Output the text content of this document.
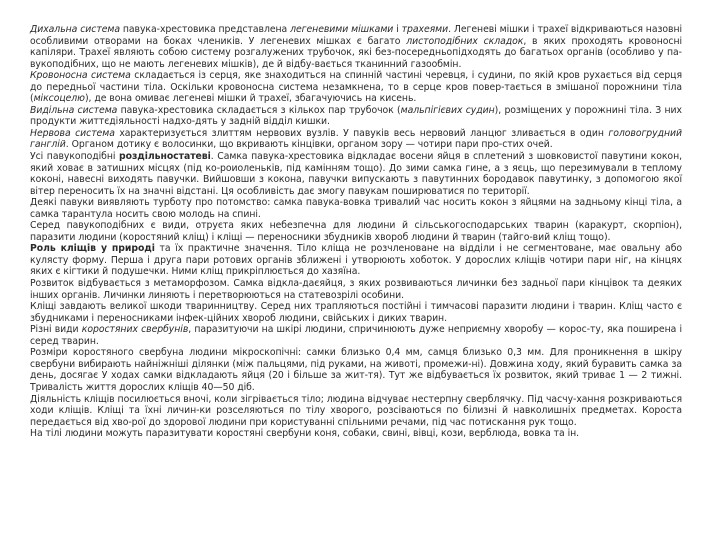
Дихальна система павука-хрестовика представлена легеневими мішками і трахеями. Легеневі мішки і трахеї відкриваються назовні особливими отворами на боках члеників. У легеневих мішках є багато листоподібних складок, в яких проходять кровоносні капіляри. Трахеї являють собою систему розгалужених трубочок, які без-посередньопідходять до багатьох органів (особливо у па-вукоподібних, що не мають легеневих мішків), де й відбу-вається тканинний газообмін.

Кровоносна система складається із серця, яке знаходиться на спинній частині черевця, і судини, по якій кров рухається від серця до передньої частини тіла. Оскільки кровоносна система незамкнена, то в серце кров повер-тається в змішаної порожнини тіла (міксоцелю), де вона омиває легеневі мішки й трахеї, збагачуючись на кисень.

Видільна система павука-хрестовика складається з кількох пар трубочок (мальпігієвих судин), розміщених у порожнині тіла. З них продукти життєдіяльності надхо-дять у задній відділ кишки.

Нервова система характеризується злиттям нервових вузлів. У павуків весь нервовий ланцюг зливається в один головогрудний ганглій. Органом дотику є волосинки, що вкривають кінцівки, органом зору — чотири пари про-стих очей.

Усі павукоподібні роздільностатеві. Самка павука-хрестовика відкладає восени яйця в сплетений з шовковистої павутини кокон, який ховає в затишних місцях (під ко-роиоленьків, під камінням тощо). До зими самка гине, а з яєць, що перезимували в теплому коконі, навесні виходять павучки. Вийшовши з кокона, павучки випускають з павутинних бородавок павутинку, з допомогою якої вітер переносить їх на значні відстані. Ця особливість дає змогу павукам поширюватися по території.

Деякі павуки виявляють турботу про потомство: самка павука-вовка тривалий час носить кокон з яйцями на задньому кінці тіла, а самка тарантула носить свою молодь на спині.

Серед павукоподібних є види, отруєта яких небезпечна для людини й сільськогосподарських тварин (каракурт, скорпіон), паразити людини (коростяний кліщ) і кліщі — переносники збудників хвороб людини й тварин (тайго-вий кліщ тощо).

Роль кліщів у природі та їх практичне значення. Тіло кліща не розчленоване на відділи і не сегментоване, має овальну або кулясту форму. Перша і друга пари ротових органів зближені і утворюють хоботок. У дорослих кліщів чотири пари ніг, на кінцях яких є кігтики й подушечки. Ними кліщ прикріплюється до хазяїна.

Розвиток відбувається з метаморфозом. Самка відкла-даєяйця, з яких розвиваються личинки без задньої пари кінцівок та деяких інших органів. Личинки линяють і перетворюються на статевозрілі особини.

Кліщі завдають великої шкоди тваринництву. Серед них трапляються постійні і тимчасові паразити людини і тварин. Кліщ часто є збудниками і переносниками інфек-ційних хвороб людини, свійських і диких тварин.

Різні види коростяних свербунів, паразитуючи на шкірі людини, спричинюють дуже неприємну хворобу — корос-ту, яка поширена і серед тварин.

Розміри коростяного свербуна людини мікроскопічні: самки близько 0,4 мм, самця близько 0,3 мм. Для проникнення в шкіру свербуни вибирають найніжніші ділянки (між пальцями, під руками, на животі, промежи-ні). Довжина ходу, який буравить самка за день, досягає У ходах самки відкладають яйця (20 і більше за жит-тя). Тут же відбувається їх розвиток, який триває 1 — 2 тижні. Тривалість життя дорослих кліщів 40—50 діб.

Діяльність кліщів посилюється вночі, коли зігрівається тіло; людина відчуває нестерпну сверблячку. Під часчу-хання розкриваються ходи кліщів. Кліщі та їхні личин-ки розселяються по тілу хворого, розсіваються по білизні й навколишніх предметах. Короста передається від хво-рої до здорової людини при користуванні спільними речами, під час потискання рук тощо.

На тілі людини можуть паразитувати коростяні свербуни коня, собаки, свині, вівці, кози, верблюда, вовка та ін.
